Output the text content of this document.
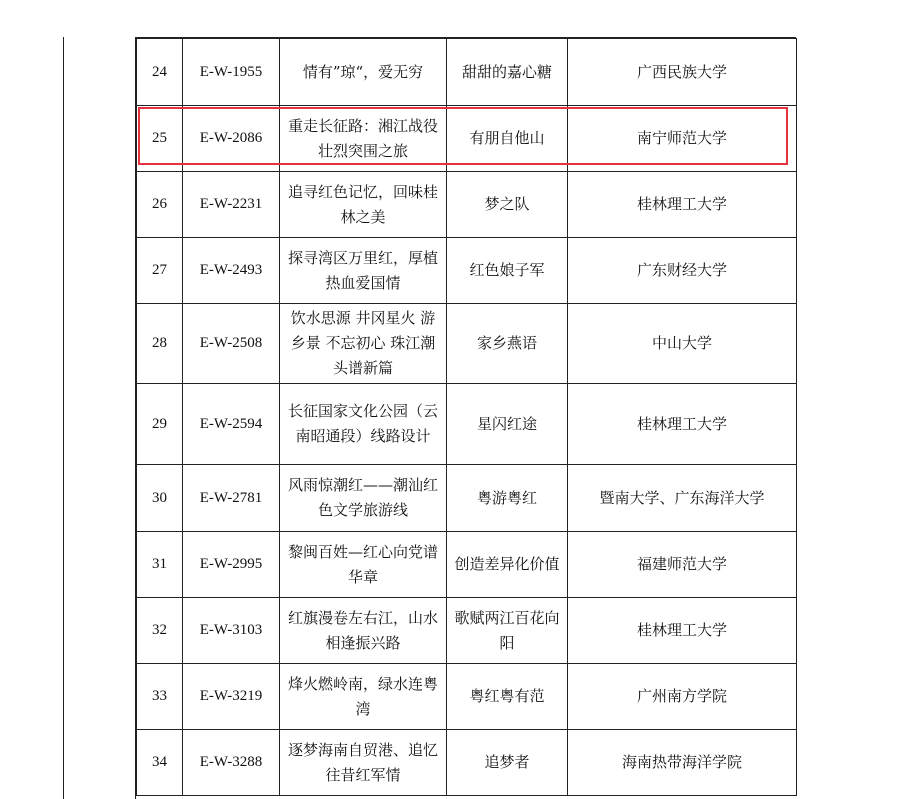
24	E-W-1955	情有”琼“，爱无穷	甜甜的嘉心糖	广西民族大学
25	E-W-2086	重走长征路：湘江战役壮烈突围之旅	有朋自他山	南宁师范大学
26	E-W-2231	追寻红色记忆，回味桂林之美	梦之队	桂林理工大学
27	E-W-2493	探寻湾区万里红，厚植热血爱国情	红色娘子军	广东财经大学
28	E-W-2508	饮水思源 井冈星火 游乡景 不忘初心 珠江潮头谱新篇	家乡燕语	中山大学
29	E-W-2594	长征国家文化公园（云南昭通段）线路设计	星闪红途	桂林理工大学
30	E-W-2781	风雨惊潮红——潮汕红色文学旅游线	粤游粤红	暨南大学、广东海洋大学
31	E-W-2995	黎闽百姓—红心向党谱华章	创造差异化价值	福建师范大学
32	E-W-3103	红旗漫卷左右江，山水相逢振兴路	歌赋两江百花向阳	桂林理工大学
33	E-W-3219	烽火燃岭南，绿水连粤湾	粤红粤有范	广州南方学院
34	E-W-3288	逐梦海南自贸港、追忆往昔红军情	追梦者	海南热带海洋学院
